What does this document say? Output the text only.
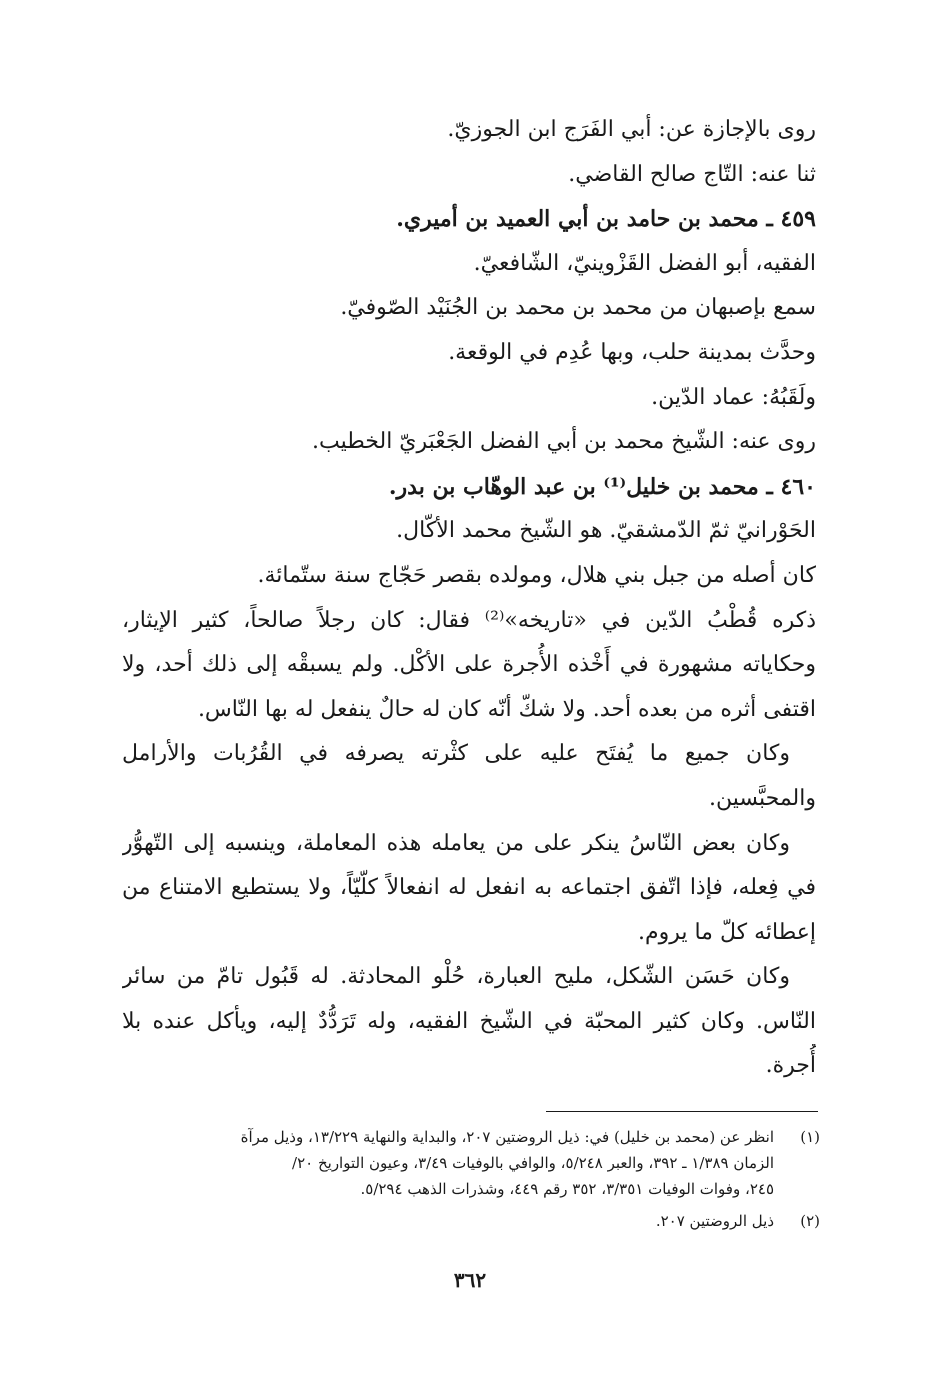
روى بالإجازة عن: أبي الفَرَج ابن الجوزيّ.
ثنا عنه: التّاج صالح القاضي.
٤٥٩ ـ محمد بن حامد بن أبي العميد بن أميري.
الفقيه، أبو الفضل القَزْوينيّ، الشّافعيّ.
سمع بإصبهان من محمد بن محمد بن الجُنَيْد الصّوفيّ.
وحدَّث بمدينة حلب، وبها عُدِم في الوقعة.
ولَقَبُهُ: عماد الدّين.
روى عنه: الشّيخ محمد بن أبي الفضل الجَعْبَريّ الخطيب.
٤٦٠ ـ محمد بن خليل⁽¹⁾ بن عبد الوهّاب بن بدر.
الحَوْرانيّ ثمّ الدّمشقيّ. هو الشّيخ محمد الأكّال.
كان أصله من جبل بني هلال، ومولده بقصر حَجّاج سنة ستّمائة.
ذكره قُطْبُ الدّين في «تاريخه»⁽²⁾ فقال: كان رجلاً صالحاً، كثير الإيثار،
وحكاياته مشهورة في أَخْذه الأُجرة على الأكْل. ولم يسبقْه إلى ذلك أحد، ولا
اقتفى أثره من بعده أحد. ولا شكّ أنّه كان له حالٌ ينفعل له بها النّاس.
وكان جميع ما يُفتَح عليه على كثْرته يصرفه في القُرُبات والأرامل
والمحبَّسين.
وكان بعض النّاسُ ينكر على من يعامله هذه المعاملة، وينسبه إلى التّهوُّر
في فِعله، فإذا اتّفق اجتماعه به انفعل له انفعالاً كلّيّاً، ولا يستطيع الامتناع من
إعطائه كلّ ما يروم.
وكان حَسَن الشّكل، مليح العبارة، حُلْو المحادثة. له قَبُول تامّ من سائر
النّاس. وكان كثير المحبّة في الشّيخ الفقيه، وله تَرَدُّدٌ إليه، ويأكل عنده بلا
أُجرة.
(١)
انظر عن (محمد بن خليل) في: ذيل الروضتين ٢٠٧، والبداية والنهاية ١٣/٢٢٩، وذيل مرآة
الزمان ١/٣٨٩ ـ ٣٩٢، والعبر ٥/٢٤٨، والوافي بالوفيات ٣/٤٩، وعيون التواريخ ٢٠/
٢٤٥، وفوات الوفيات ٣/٣٥١، ٣٥٢ رقم ٤٤٩، وشذرات الذهب ٥/٢٩٤.
(٢)
ذيل الروضتين ٢٠٧.
٣٦٢
